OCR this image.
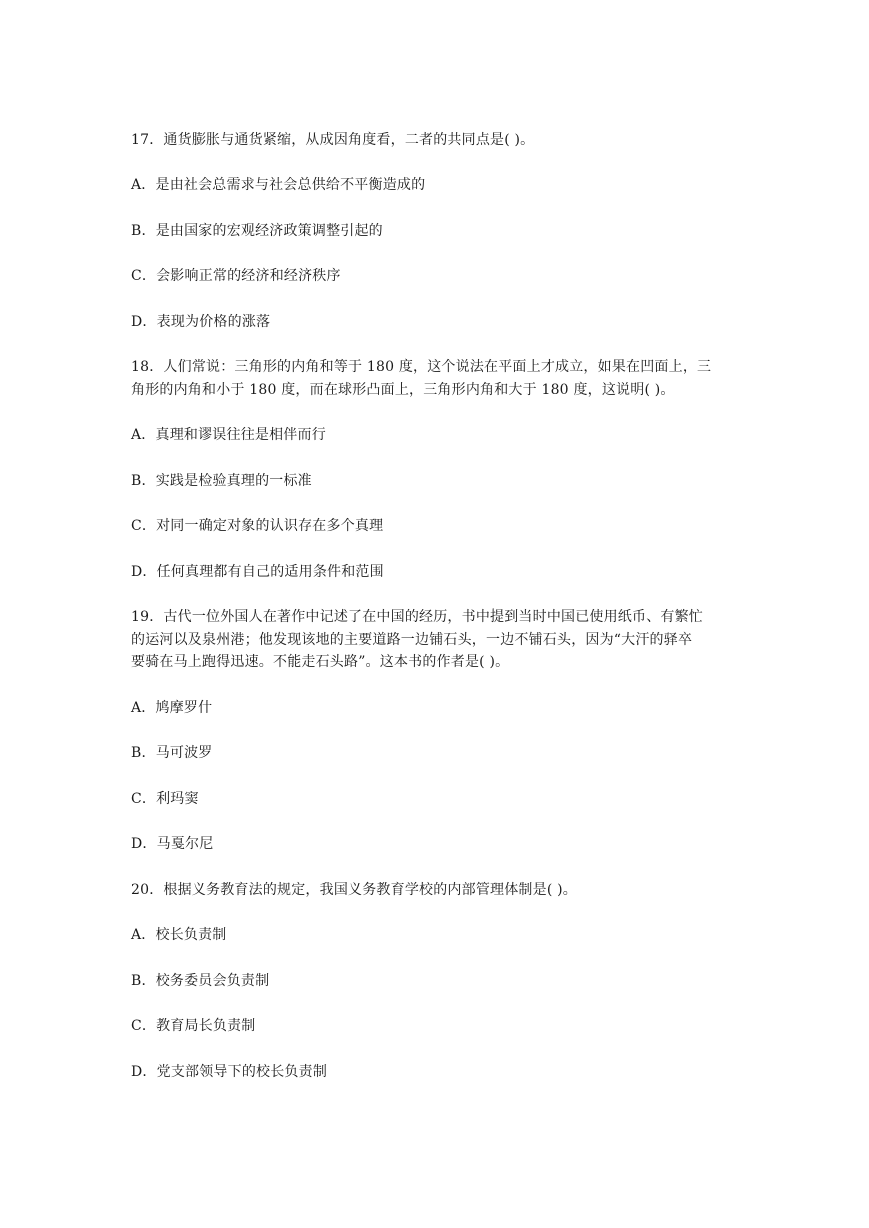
17．通货膨胀与通货紧缩，从成因角度看，二者的共同点是( )。
A．是由社会总需求与社会总供给不平衡造成的
B．是由国家的宏观经济政策调整引起的
C．会影响正常的经济和经济秩序
D．表现为价格的涨落
18．人们常说：三角形的内角和等于 180 度，这个说法在平面上才成立，如果在凹面上，三
角形的内角和小于 180 度，而在球形凸面上，三角形内角和大于 180 度，这说明( )。
A．真理和谬误往往是相伴而行
B．实践是检验真理的一标准
C．对同一确定对象的认识存在多个真理
D．任何真理都有自己的适用条件和范围
19．古代一位外国人在著作中记述了在中国的经历，书中提到当时中国已使用纸币、有繁忙
的运河以及泉州港；他发现该地的主要道路一边铺石头，一边不铺石头，因为“大汗的驿卒
要骑在马上跑得迅速。不能走石头路”。这本书的作者是( )。
A．鸠摩罗什
B．马可波罗
C．利玛窦
D．马戛尔尼
20．根据义务教育法的规定，我国义务教育学校的内部管理体制是( )。
A．校长负责制
B．校务委员会负责制
C．教育局长负责制
D．党支部领导下的校长负责制
